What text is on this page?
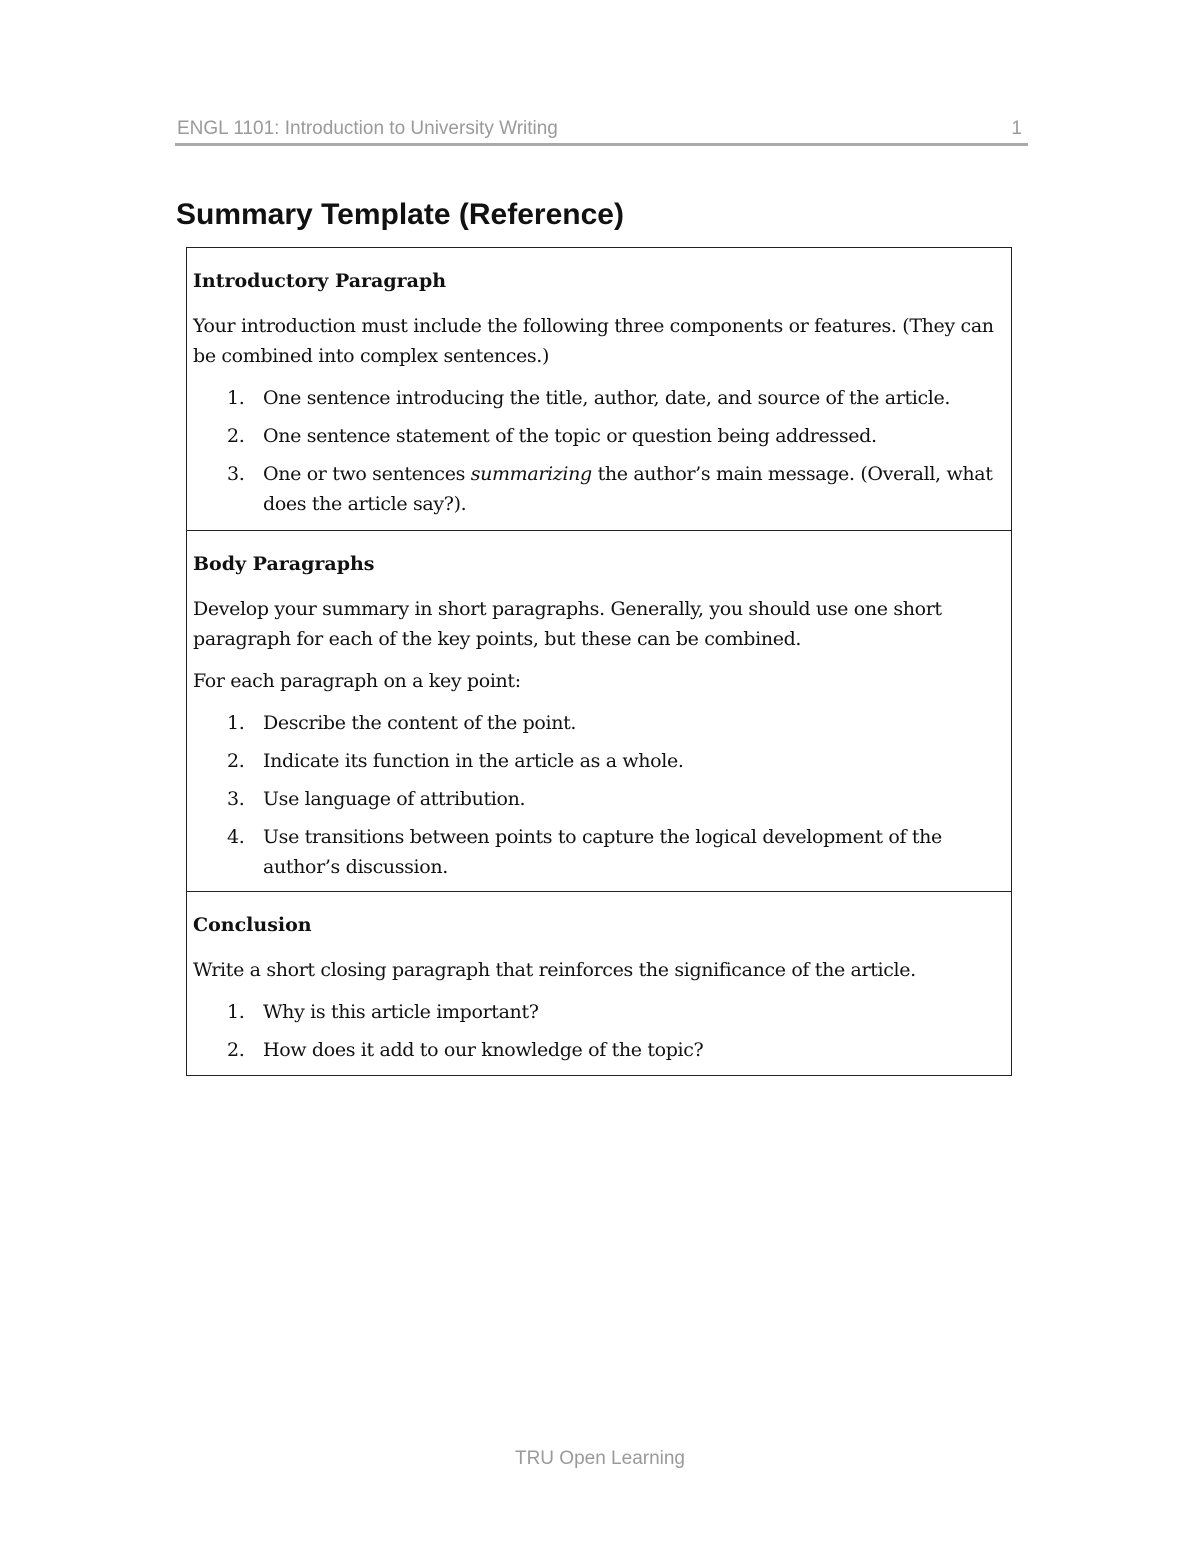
ENGL 1101: Introduction to University Writing	1
Summary Template (Reference)
Introductory Paragraph

Your introduction must include the following three components or features. (They can be combined into complex sentences.)

1. One sentence introducing the title, author, date, and source of the article.
2. One sentence statement of the topic or question being addressed.
3. One or two sentences summarizing the author’s main message. (Overall, what does the article say?).
Body Paragraphs

Develop your summary in short paragraphs. Generally, you should use one short paragraph for each of the key points, but these can be combined.

For each paragraph on a key point:

1. Describe the content of the point.
2. Indicate its function in the article as a whole.
3. Use language of attribution.
4. Use transitions between points to capture the logical development of the author’s discussion.
Conclusion

Write a short closing paragraph that reinforces the significance of the article.

1. Why is this article important?
2. How does it add to our knowledge of the topic?
TRU Open Learning
